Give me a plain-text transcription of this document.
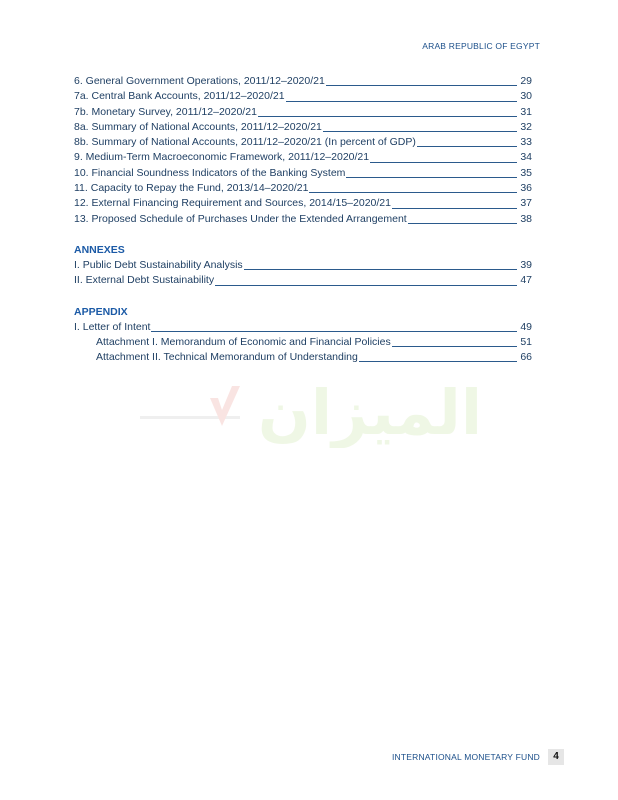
ARAB REPUBLIC OF EGYPT
6. General Government Operations, 2011/12–2020/21	29
7a. Central Bank Accounts, 2011/12–2020/21	30
7b. Monetary Survey, 2011/12–2020/21	31
8a. Summary of National Accounts, 2011/12–2020/21	32
8b. Summary of National Accounts, 2011/12–2020/21 (In percent of GDP)	33
9. Medium-Term Macroeconomic Framework, 2011/12–2020/21	34
10. Financial Soundness Indicators of the Banking System	35
11. Capacity to Repay the Fund, 2013/14–2020/21	36
12. External Financing Requirement and Sources, 2014/15–2020/21	37
13. Proposed Schedule of Purchases Under the Extended Arrangement	38
ANNEXES
I. Public Debt Sustainability Analysis	39
II. External Debt Sustainability	47
APPENDIX
I. Letter of Intent	49
Attachment I. Memorandum of Economic and Financial Policies	51
Attachment II. Technical Memorandum of Understanding	66
الميزان
INTERNATIONAL MONETARY FUND	4
